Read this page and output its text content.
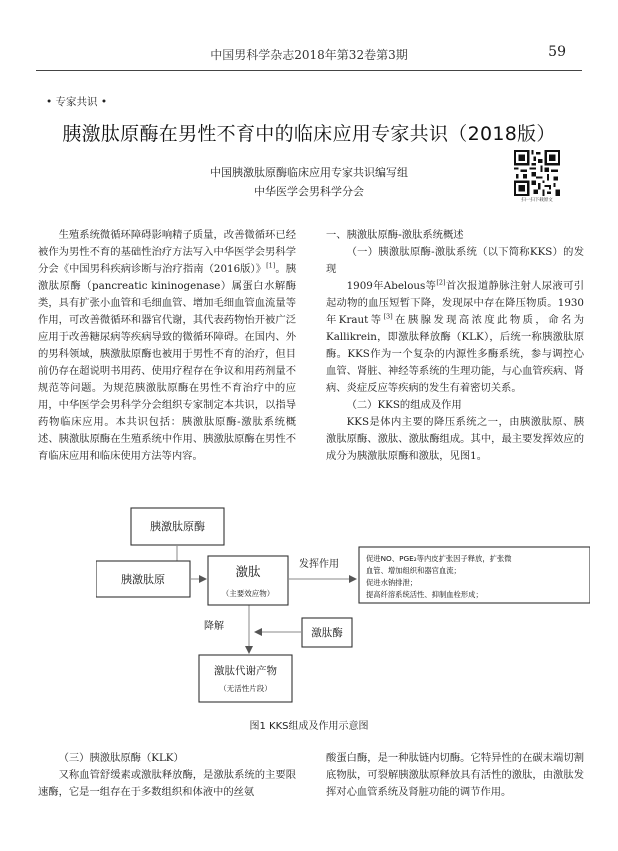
中国男科学杂志2018年第32卷第3期	59
• 专家共识 •
胰激肽原酶在男性不育中的临床应用专家共识（2018版）
中国胰激肽原酶临床应用专家共识编写组
中华医学会男科学分会
扫一扫下载原文

生殖系统微循环障碍影响精子质量，改善微循环已经被作为男性不育的基础性治疗方法写入中华医学会男科学分会《中国男科疾病诊断与治疗指南（2016版）》[1]。胰激肽原酶（pancreatic kininogenase）属蛋白水解酶类，具有扩张小血管和毛细血管、增加毛细血管血流量等作用，可改善微循环和器官代谢，其代表药物怡开被广泛应用于改善糖尿病等疾病导致的微循环障碍。在国内、外的男科领域，胰激肽原酶也被用于男性不育的治疗，但目前仍存在超说明书用药、使用疗程存在争议和用药剂量不规范等问题。为规范胰激肽原酶在男性不育治疗中的应用，中华医学会男科学分会组织专家制定本共识，以指导药物临床应用。本共识包括：胰激肽原酶-激肽系统概述、胰激肽原酶在生殖系统中作用、胰激肽原酶在男性不育临床应用和临床使用方法等内容。

一、胰激肽原酶-激肽系统概述

（一）胰激肽原酶-激肽系统（以下简称KKS）的发现

1909年Abelous等[2]首次报道静脉注射人尿液可引起动物的血压短暂下降，发现尿中存在降压物质。1930年Kraut等[3]在胰腺发现高浓度此物质，命名为Kallikrein，即激肽释放酶（KLK），后统一称胰激肽原酶。KKS作为一个复杂的内源性多酶系统，参与调控心血管、肾脏、神经等系统的生理功能，与心血管疾病、肾病、炎症反应等疾病的发生有着密切关系。

（二）KKS的组成及作用

KKS是体内主要的降压系统之一，由胰激肽原、胰激肽原酶、激肽、激肽酶组成。其中，最主要发挥效应的成分为胰激肽原酶和激肽，见图1。

胰激肽原酶
胰激肽原
激肽
（主要效应物）
激肽酶
激肽代谢产物
（无活性片段）
促进NO、PGE₂等内皮扩张因子释放，扩张微
血管、增加组织和器官血流；
促进水钠排泄；
提高纤溶系统活性、抑制血栓形成；
发挥作用
降解
图1 KKS组成及作用示意图

（三）胰激肽原酶（KLK）

又称血管舒缓素或激肽释放酶，是激肽系统的主要限速酶，它是一组存在于多数组织和体液中的丝氨

酸蛋白酶，是一种肽链内切酶。它特异性的在碳末端切割底物肽，可裂解胰激肽原释放具有活性的激肽，由激肽发挥对心血管系统及肾脏功能的调节作用。
